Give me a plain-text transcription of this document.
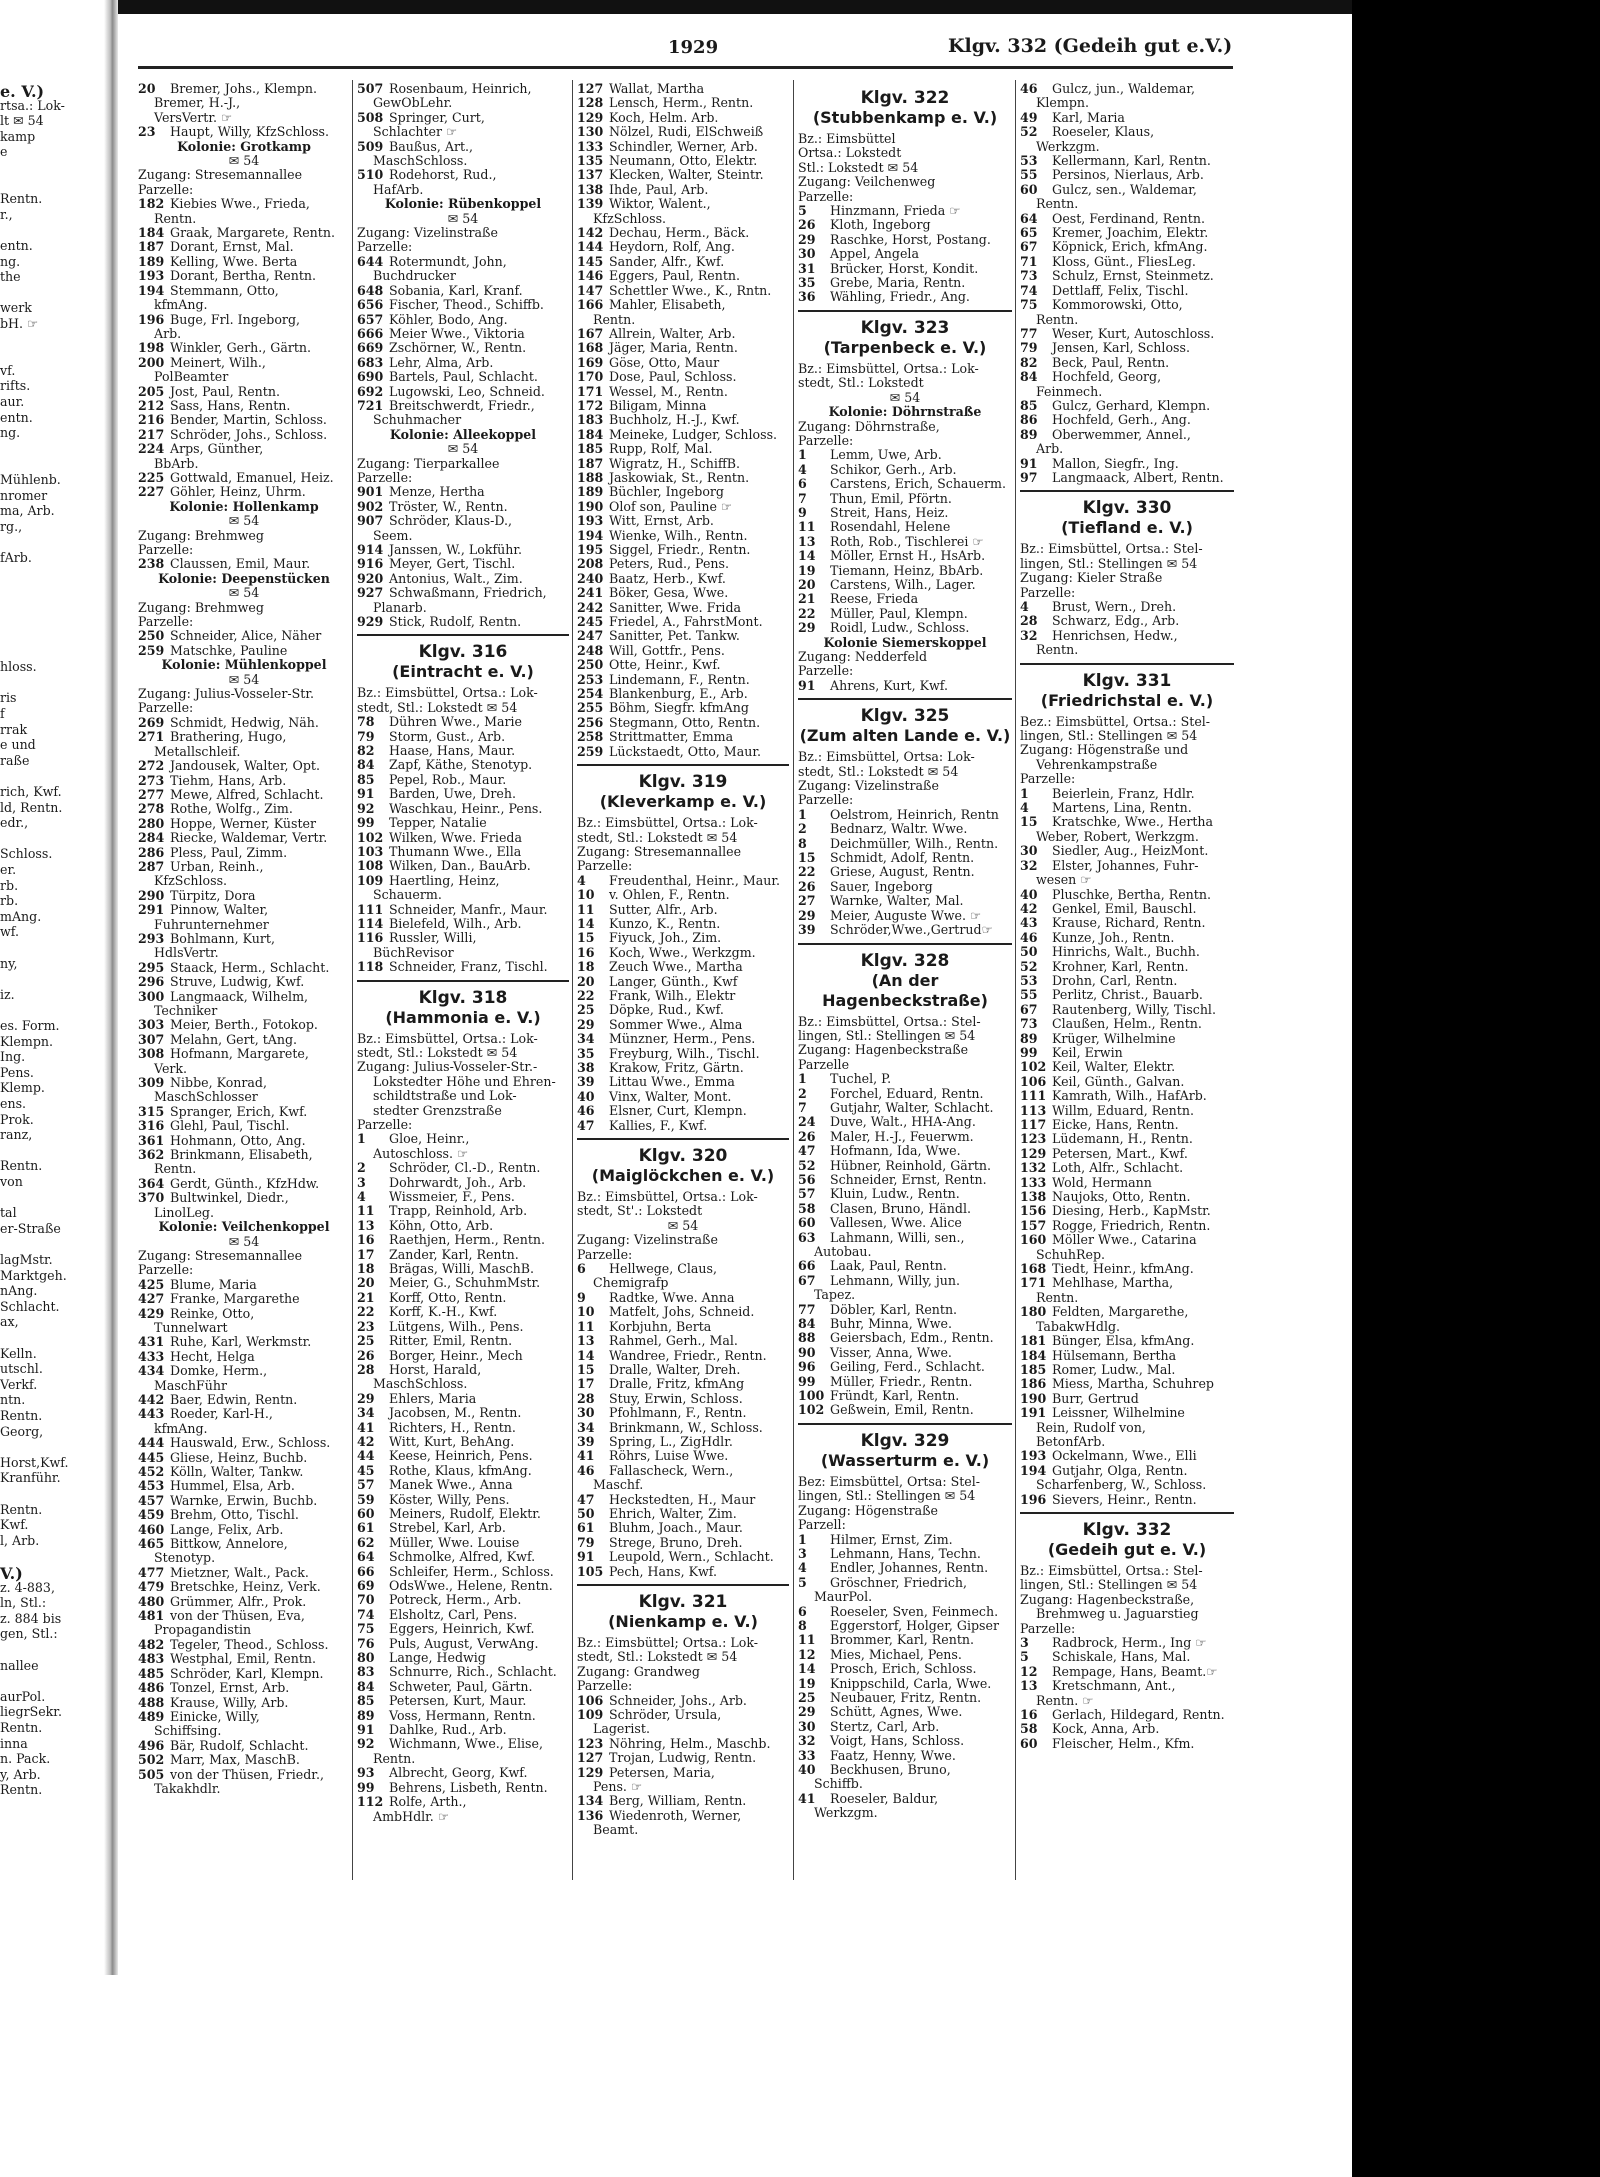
e. V.)
rtsa.: Lok-
lt ✉ 54
kamp
e
Rentn.
r.,
entn.
ng.
the
werk
bH. ☞
vf.
rifts.
aur.
entn.
ng.
Mühlenb.
nromer
ma, Arb.
rg.,
fArb.
hloss.
ris
f
rrak
e und
raße
rich, Kwf.
ld, Rentn.
edr.,
Schloss.
er.
rb.
rb.
mAng.
wf.
ny,
iz.
es. Form.
Klempn.
Ing.
Pens.
Klemp.
ens.
Prok.
ranz,
Rentn.
von
tal
er-Straße
lagMstr.
Marktgeh.
nAng.
Schlacht.
ax,
Kelln.
utschl.
Verkf.
ntn.
Rentn.
Georg,
Horst,Kwf.
Kranführ.
Rentn.
Kwf.
l, Arb.
V.)
z. 4-883,
ln, Stl.:
z. 884 bis
gen, Stl.:
nallee
aurPol.
liegrSekr.
Rentn.
inna
n. Pack.
y, Arb.
Rentn.
1929	Klgv. 332 (Gedeih gut e.V.)
20 Bremer, Johs., Klempn.
Bremer, H.-J.,
VersVertr. ☞
23 Haupt, Willy, KfzSchloss.
Kolonie: Grotkamp
✉ 54
Zugang: Stresemannallee
Parzelle:
182 Kiebies Wwe., Frieda,
Rentn.
184 Graak, Margarete, Rentn.
187 Dorant, Ernst, Mal.
189 Kelling, Wwe. Berta
193 Dorant, Bertha, Rentn.
194 Stemmann, Otto,
kfmAng.
196 Buge, Frl. Ingeborg,
Arb.
198 Winkler, Gerh., Gärtn.
200 Meinert, Wilh.,
PolBeamter
205 Jost, Paul, Rentn.
212 Sass, Hans, Rentn.
216 Bender, Martin, Schloss.
217 Schröder, Johs., Schloss.
224 Arps, Günther,
BbArb.
225 Gottwald, Emanuel, Heiz.
227 Göhler, Heinz, Uhrm.
Kolonie: Hollenkamp
✉ 54
Zugang: Brehmweg
Parzelle:
238 Claussen, Emil, Maur.
Kolonie: Deepenstücken
✉ 54
Zugang: Brehmweg
Parzelle:
250 Schneider, Alice, Näher
259 Matschke, Pauline
Kolonie: Mühlenkoppel
✉ 54
Zugang: Julius-Vosseler-Str.
Parzelle:
269 Schmidt, Hedwig, Näh.
271 Brathering, Hugo,
Metallschleif.
272 Jandousek, Walter, Opt.
273 Tiehm, Hans, Arb.
277 Mewe, Alfred, Schlacht.
278 Rothe, Wolfg., Zim.
280 Hoppe, Werner, Küster
284 Riecke, Waldemar, Vertr.
286 Pless, Paul, Zimm.
287 Urban, Reinh.,
KfzSchloss.
290 Türpitz, Dora
291 Pinnow, Walter,
Fuhrunternehmer
293 Bohlmann, Kurt,
HdlsVertr.
295 Staack, Herm., Schlacht.
296 Struve, Ludwig, Kwf.
300 Langmaack, Wilhelm,
Techniker
303 Meier, Berth., Fotokop.
307 Melahn, Gert, tAng.
308 Hofmann, Margarete,
Verk.
309 Nibbe, Konrad,
MaschSchlosser
315 Spranger, Erich, Kwf.
316 Glehl, Paul, Tischl.
361 Hohmann, Otto, Ang.
362 Brinkmann, Elisabeth,
Rentn.
364 Gerdt, Günth., KfzHdw.
370 Bultwinkel, Diedr.,
LinolLeg.
Kolonie: Veilchenkoppel
✉ 54
Zugang: Stresemannallee
Parzelle:
425 Blume, Maria
427 Franke, Margarethe
429 Reinke, Otto,
Tunnelwart
431 Ruhe, Karl, Werkmstr.
433 Hecht, Helga
434 Domke, Herm.,
MaschFühr
442 Baer, Edwin, Rentn.
443 Roeder, Karl-H.,
kfmAng.
444 Hauswald, Erw., Schloss.
445 Gliese, Heinz, Buchb.
452 Kölln, Walter, Tankw.
453 Hummel, Elsa, Arb.
457 Warnke, Erwin, Buchb.
459 Brehm, Otto, Tischl.
460 Lange, Felix, Arb.
465 Bittkow, Annelore,
Stenotyp.
477 Mietzner, Walt., Pack.
479 Bretschke, Heinz, Verk.
480 Grümmer, Alfr., Prok.
481 von der Thüsen, Eva,
Propagandistin
482 Tegeler, Theod., Schloss.
483 Westphal, Emil, Rentn.
485 Schröder, Karl, Klempn.
486 Tonzel, Ernst, Arb.
488 Krause, Willy, Arb.
489 Einicke, Willy,
Schiffsing.
496 Bär, Rudolf, Schlacht.
502 Marr, Max, MaschB.
505 von der Thüsen, Friedr.,
Takakhdlr.
507 Rosenbaum, Heinrich,
GewObLehr.
508 Springer, Curt,
Schlachter ☞
509 Baußus, Art.,
MaschSchloss.
510 Rodehorst, Rud.,
HafArb.
Kolonie: Rübenkoppel
✉ 54
Zugang: Vizelinstraße
Parzelle:
644 Rotermundt, John,
Buchdrucker
648 Sobania, Karl, Kranf.
656 Fischer, Theod., Schiffb.
657 Köhler, Bodo, Ang.
666 Meier Wwe., Viktoria
669 Zschörner, W., Rentn.
683 Lehr, Alma, Arb.
690 Bartels, Paul, Schlacht.
692 Lugowski, Leo, Schneid.
721 Breitschwerdt, Friedr.,
Schuhmacher
Kolonie: Alleekoppel
✉ 54
Zugang: Tierparkallee
Parzelle:
901 Menze, Hertha
902 Tröster, W., Rentn.
907 Schröder, Klaus-D.,
Seem.
914 Janssen, W., Lokführ.
916 Meyer, Gert, Tischl.
920 Antonius, Walt., Zim.
927 Schwaßmann, Friedrich,
Planarb.
929 Stick, Rudolf, Rentn.
Klgv. 316
(Eintracht e. V.)
Bz.: Eimsbüttel, Ortsa.: Lok-
stedt, Stl.: Lokstedt ✉ 54
78 Dühren Wwe., Marie
79 Storm, Gust., Arb.
82 Haase, Hans, Maur.
84 Zapf, Käthe, Stenotyp.
85 Pepel, Rob., Maur.
91 Barden, Uwe, Dreh.
92 Waschkau, Heinr., Pens.
99 Tepper, Natalie
102 Wilken, Wwe. Frieda
103 Thumann Wwe., Ella
108 Wilken, Dan., BauArb.
109 Haertling, Heinz,
Schauerm.
111 Schneider, Manfr., Maur.
114 Bielefeld, Wilh., Arb.
116 Russler, Willi,
BüchRevisor
118 Schneider, Franz, Tischl.
Klgv. 318
(Hammonia e. V.)
Bz.: Eimsbüttel, Ortsa.: Lok-
stedt, Stl.: Lokstedt ✉ 54
Zugang: Julius-Vosseler-Str.-
Lokstedter Höhe und Ehren-
schildtstraße und Lok-
stedter Grenzstraße
Parzelle:
1 Gloe, Heinr.,
Autoschloss. ☞
2 Schröder, Cl.-D., Rentn.
3 Dohrwardt, Joh., Arb.
4 Wissmeier, F., Pens.
11 Trapp, Reinhold, Arb.
13 Köhn, Otto, Arb.
16 Raethjen, Herm., Rentn.
17 Zander, Karl, Rentn.
18 Brägas, Willi, MaschB.
20 Meier, G., SchuhmMstr.
21 Korff, Otto, Rentn.
22 Korff, K.-H., Kwf.
23 Lütgens, Wilh., Pens.
25 Ritter, Emil, Rentn.
26 Borger, Heinr., Mech
28 Horst, Harald,
MaschSchloss.
29 Ehlers, Maria
34 Jacobsen, M., Rentn.
41 Richters, H., Rentn.
42 Witt, Kurt, BehAng.
44 Keese, Heinrich, Pens.
45 Rothe, Klaus, kfmAng.
57 Manek Wwe., Anna
59 Köster, Willy, Pens.
60 Meiners, Rudolf, Elektr.
61 Strebel, Karl, Arb.
62 Müller, Wwe. Louise
64 Schmolke, Alfred, Kwf.
66 Schleifer, Herm., Schloss.
69 OdsWwe., Helene, Rentn.
70 Potreck, Herm., Arb.
74 Elsholtz, Carl, Pens.
75 Eggers, Heinrich, Kwf.
76 Puls, August, VerwAng.
80 Lange, Hedwig
83 Schnurre, Rich., Schlacht.
84 Schweter, Paul, Gärtn.
85 Petersen, Kurt, Maur.
89 Voss, Hermann, Rentn.
91 Dahlke, Rud., Arb.
92 Wichmann, Wwe., Elise,
Rentn.
93 Albrecht, Georg, Kwf.
99 Behrens, Lisbeth, Rentn.
112 Rolfe, Arth.,
AmbHdlr. ☞
127 Wallat, Martha
128 Lensch, Herm., Rentn.
129 Koch, Helm. Arb.
130 Nölzel, Rudi, ElSchweiß
133 Schindler, Werner, Arb.
135 Neumann, Otto, Elektr.
137 Klecken, Walter, Steintr.
138 Ihde, Paul, Arb.
139 Wiktor, Walent.,
KfzSchloss.
142 Dechau, Herm., Bäck.
144 Heydorn, Rolf, Ang.
145 Sander, Alfr., Kwf.
146 Eggers, Paul, Rentn.
147 Schettler Wwe., K., Rntn.
166 Mahler, Elisabeth,
Rentn.
167 Allrein, Walter, Arb.
168 Jäger, Maria, Rentn.
169 Göse, Otto, Maur
170 Dose, Paul, Schloss.
171 Wessel, M., Rentn.
172 Biligam, Minna
183 Buchholz, H.-J., Kwf.
184 Meineke, Ludger, Schloss.
185 Rupp, Rolf, Mal.
187 Wigratz, H., SchiffB.
188 Jaskowiak, St., Rentn.
189 Büchler, Ingeborg
190 Olof son, Pauline ☞
193 Witt, Ernst, Arb.
194 Wienke, Wilh., Rentn.
195 Siggel, Friedr., Rentn.
208 Peters, Rud., Pens.
240 Baatz, Herb., Kwf.
241 Böker, Gesa, Wwe.
242 Sanitter, Wwe. Frida
245 Friedel, A., FahrstMont.
247 Sanitter, Pet. Tankw.
248 Will, Gottfr., Pens.
250 Otte, Heinr., Kwf.
253 Lindemann, F., Rentn.
254 Blankenburg, E., Arb.
255 Böhm, Siegfr. kfmAng
256 Stegmann, Otto, Rentn.
258 Strittmatter, Emma
259 Lückstaedt, Otto, Maur.
Klgv. 319
(Kleverkamp e. V.)
Bz.: Eimsbüttel, Ortsa.: Lok-
stedt, Stl.: Lokstedt ✉ 54
Zugang: Stresemannallee
Parzelle:
4 Freudenthal, Heinr., Maur.
10 v. Ohlen, F., Rentn.
11 Sutter, Alfr., Arb.
14 Kunzo, K., Rentn.
15 Fiyuck, Joh., Zim.
16 Koch, Wwe., Werkzgm.
18 Zeuch Wwe., Martha
20 Langer, Günth., Kwf
22 Frank, Wilh., Elektr
25 Döpke, Rud., Kwf.
29 Sommer Wwe., Alma
34 Münzner, Herm., Pens.
35 Freyburg, Wilh., Tischl.
38 Krakow, Fritz, Gärtn.
39 Littau Wwe., Emma
40 Vinx, Walter, Mont.
46 Elsner, Curt, Klempn.
47 Kallies, F., Kwf.
Klgv. 320
(Maiglöckchen e. V.)
Bz.: Eimsbüttel, Ortsa.: Lok-
stedt, St'.: Lokstedt
✉ 54
Zugang: Vizelinstraße
Parzelle:
6 Hellwege, Claus,
Chemigrafp
9 Radtke, Wwe. Anna
10 Matfelt, Johs, Schneid.
11 Korbjuhn, Berta
13 Rahmel, Gerh., Mal.
14 Wandree, Friedr., Rentn.
15 Dralle, Walter, Dreh.
17 Dralle, Fritz, kfmAng
28 Stuy, Erwin, Schloss.
30 Pfohlmann, F., Rentn.
34 Brinkmann, W., Schloss.
39 Spring, L., ZigHdlr.
41 Röhrs, Luise Wwe.
46 Fallascheck, Wern.,
Maschf.
47 Heckstedten, H., Maur
50 Ehrich, Walter, Zim.
61 Bluhm, Joach., Maur.
79 Strege, Bruno, Dreh.
91 Leupold, Wern., Schlacht.
105 Pech, Hans, Kwf.
Klgv. 321
(Nienkamp e. V.)
Bz.: Eimsbüttel; Ortsa.: Lok-
stedt, Stl.: Lokstedt ✉ 54
Zugang: Grandweg
Parzelle:
106 Schneider, Johs., Arb.
109 Schröder, Ursula,
Lagerist.
123 Nöhring, Helm., Maschb.
127 Trojan, Ludwig, Rentn.
129 Petersen, Maria,
Pens. ☞
134 Berg, William, Rentn.
136 Wiedenroth, Werner,
Beamt.
Klgv. 322
(Stubbenkamp e. V.)
Bz.: Eimsbüttel
Ortsa.: Lokstedt
Stl.: Lokstedt ✉ 54
Zugang: Veilchenweg
Parzelle:
5 Hinzmann, Frieda ☞
26 Kloth, Ingeborg
29 Raschke, Horst, Postang.
30 Appel, Angela
31 Brücker, Horst, Kondit.
35 Grebe, Maria, Rentn.
36 Wähling, Friedr., Ang.
Klgv. 323
(Tarpenbeck e. V.)
Bz.: Eimsbüttel, Ortsa.: Lok-
stedt, Stl.: Lokstedt
✉ 54
Kolonie: Döhrnstraße
Zugang: Döhrnstraße,
Parzelle:
1 Lemm, Uwe, Arb.
4 Schikor, Gerh., Arb.
6 Carstens, Erich, Schauerm.
7 Thun, Emil, Pförtn.
9 Streit, Hans, Heiz.
11 Rosendahl, Helene
13 Roth, Rob., Tischlerei ☞
14 Möller, Ernst H., HsArb.
19 Tiemann, Heinz, BbArb.
20 Carstens, Wilh., Lager.
21 Reese, Frieda
22 Müller, Paul, Klempn.
29 Roidl, Ludw., Schloss.
Kolonie Siemerskoppel
Zugang: Nedderfeld
Parzelle:
91 Ahrens, Kurt, Kwf.
Klgv. 325
(Zum alten Lande e. V.)
Bz.: Eimsbüttel, Ortsa: Lok-
stedt, Stl.: Lokstedt ✉ 54
Zugang: Vizelinstraße
Parzelle:
1 Oelstrom, Heinrich, Rentn
2 Bednarz, Waltr. Wwe.
8 Deichmüller, Wilh., Rentn.
15 Schmidt, Adolf, Rentn.
22 Griese, August, Rentn.
26 Sauer, Ingeborg
27 Warnke, Walter, Mal.
29 Meier, Auguste Wwe. ☞
39 Schröder,Wwe.,Gertrud☞
Klgv. 328
(An der Hagenbeckstraße)
Bz.: Eimsbüttel, Ortsa.: Stel-
lingen, Stl.: Stellingen ✉ 54
Zugang: Hagenbeckstraße
Parzelle
1 Tuchel, P.
2 Forchel, Eduard, Rentn.
7 Gutjahr, Walter, Schlacht.
24 Duve, Walt., HHA-Ang.
26 Maler, H.-J., Feuerwm.
47 Hofmann, Ida, Wwe.
52 Hübner, Reinhold, Gärtn.
56 Schneider, Ernst, Rentn.
57 Kluin, Ludw., Rentn.
58 Clasen, Bruno, Händl.
60 Vallesen, Wwe. Alice
63 Lahmann, Willi, sen.,
Autobau.
66 Laak, Paul, Rentn.
67 Lehmann, Willy, jun.
Tapez.
77 Döbler, Karl, Rentn.
84 Buhr, Minna, Wwe.
88 Geiersbach, Edm., Rentn.
90 Visser, Anna, Wwe.
96 Geiling, Ferd., Schlacht.
99 Müller, Friedr., Rentn.
100 Fründt, Karl, Rentn.
102 Geßwein, Emil, Rentn.
Klgv. 329
(Wasserturm e. V.)
Bez: Eimsbüttel, Ortsa: Stel-
lingen, Stl.: Stellingen ✉ 54
Zugang: Högenstraße
Parzell:
1 Hilmer, Ernst, Zim.
3 Lehmann, Hans, Techn.
4 Endler, Johannes, Rentn.
5 Gröschner, Friedrich,
MaurPol.
6 Roeseler, Sven, Feinmech.
8 Eggerstorf, Holger, Gipser
11 Brommer, Karl, Rentn.
12 Mies, Michael, Pens.
14 Prosch, Erich, Schloss.
19 Knippschild, Carla, Wwe.
25 Neubauer, Fritz, Rentn.
29 Schütt, Agnes, Wwe.
30 Stertz, Carl, Arb.
32 Voigt, Hans, Schloss.
33 Faatz, Henny, Wwe.
40 Beckhusen, Bruno,
Schiffb.
41 Roeseler, Baldur,
Werkzgm.
46 Gulcz, jun., Waldemar,
Klempn.
49 Karl, Maria
52 Roeseler, Klaus,
Werkzgm.
53 Kellermann, Karl, Rentn.
55 Persinos, Nierlaus, Arb.
60 Gulcz, sen., Waldemar,
Rentn.
64 Oest, Ferdinand, Rentn.
65 Kremer, Joachim, Elektr.
67 Köpnick, Erich, kfmAng.
71 Kloss, Günt., FliesLeg.
73 Schulz, Ernst, Steinmetz.
74 Dettlaff, Felix, Tischl.
75 Kommorowski, Otto,
Rentn.
77 Weser, Kurt, Autoschloss.
79 Jensen, Karl, Schloss.
82 Beck, Paul, Rentn.
84 Hochfeld, Georg,
Feinmech.
85 Gulcz, Gerhard, Klempn.
86 Hochfeld, Gerh., Ang.
89 Oberwemmer, Annel.,
Arb.
91 Mallon, Siegfr., Ing.
97 Langmaack, Albert, Rentn.
Klgv. 330
(Tiefland e. V.)
Bz.: Eimsbüttel, Ortsa.: Stel-
lingen, Stl.: Stellingen ✉ 54
Zugang: Kieler Straße
Parzelle:
4 Brust, Wern., Dreh.
28 Schwarz, Edg., Arb.
32 Henrichsen, Hedw.,
Rentn.
Klgv. 331
(Friedrichstal e. V.)
Bez.: Eimsbüttel, Ortsa.: Stel-
lingen, Stl.: Stellingen ✉ 54
Zugang: Högenstraße und
Vehrenkampstraße
Parzelle:
1 Beierlein, Franz, Hdlr.
4 Martens, Lina, Rentn.
15 Kratschke, Wwe., Hertha
Weber, Robert, Werkzgm.
30 Siedler, Aug., HeizMont.
32 Elster, Johannes, Fuhr-
wesen ☞
40 Pluschke, Bertha, Rentn.
42 Genkel, Emil, Bauschl.
43 Krause, Richard, Rentn.
46 Kunze, Joh., Rentn.
50 Hinrichs, Walt., Buchh.
52 Krohner, Karl, Rentn.
53 Drohn, Carl, Rentn.
55 Perlitz, Christ., Bauarb.
67 Rautenberg, Willy, Tischl.
73 Claußen, Helm., Rentn.
89 Krüger, Wilhelmine
99 Keil, Erwin
102 Keil, Walter, Elektr.
106 Keil, Günth., Galvan.
111 Kamrath, Wilh., HafArb.
113 Willm, Eduard, Rentn.
117 Eicke, Hans, Rentn.
123 Lüdemann, H., Rentn.
129 Petersen, Mart., Kwf.
132 Loth, Alfr., Schlacht.
133 Wold, Hermann
138 Naujoks, Otto, Rentn.
156 Diesing, Herb., KapMstr.
157 Rogge, Friedrich, Rentn.
160 Möller Wwe., Catarina
SchuhRep.
168 Tiedt, Heinr., kfmAng.
171 Mehlhase, Martha,
Rentn.
180 Feldten, Margarethe,
TabakwHdlg.
181 Bünger, Elsa, kfmAng.
184 Hülsemann, Bertha
185 Romer, Ludw., Mal.
186 Miess, Martha, Schuhrep
190 Burr, Gertrud
191 Leissner, Wilhelmine
Rein, Rudolf von,
BetonfArb.
193 Ockelmann, Wwe., Elli
194 Gutjahr, Olga, Rentn.
Scharfenberg, W., Schloss.
196 Sievers, Heinr., Rentn.
Klgv. 332
(Gedeih gut e. V.)
Bz.: Eimsbüttel, Ortsa.: Stel-
lingen, Stl.: Stellingen ✉ 54
Zugang: Hagenbeckstraße,
Brehmweg u. Jaguarstieg
Parzelle:
3 Radbrock, Herm., Ing ☞
5 Schiskale, Hans, Mal.
12 Rempage, Hans, Beamt.☞
13 Kretschmann, Ant.,
Rentn. ☞
16 Gerlach, Hildegard, Rentn.
58 Kock, Anna, Arb.
60 Fleischer, Helm., Kfm.
